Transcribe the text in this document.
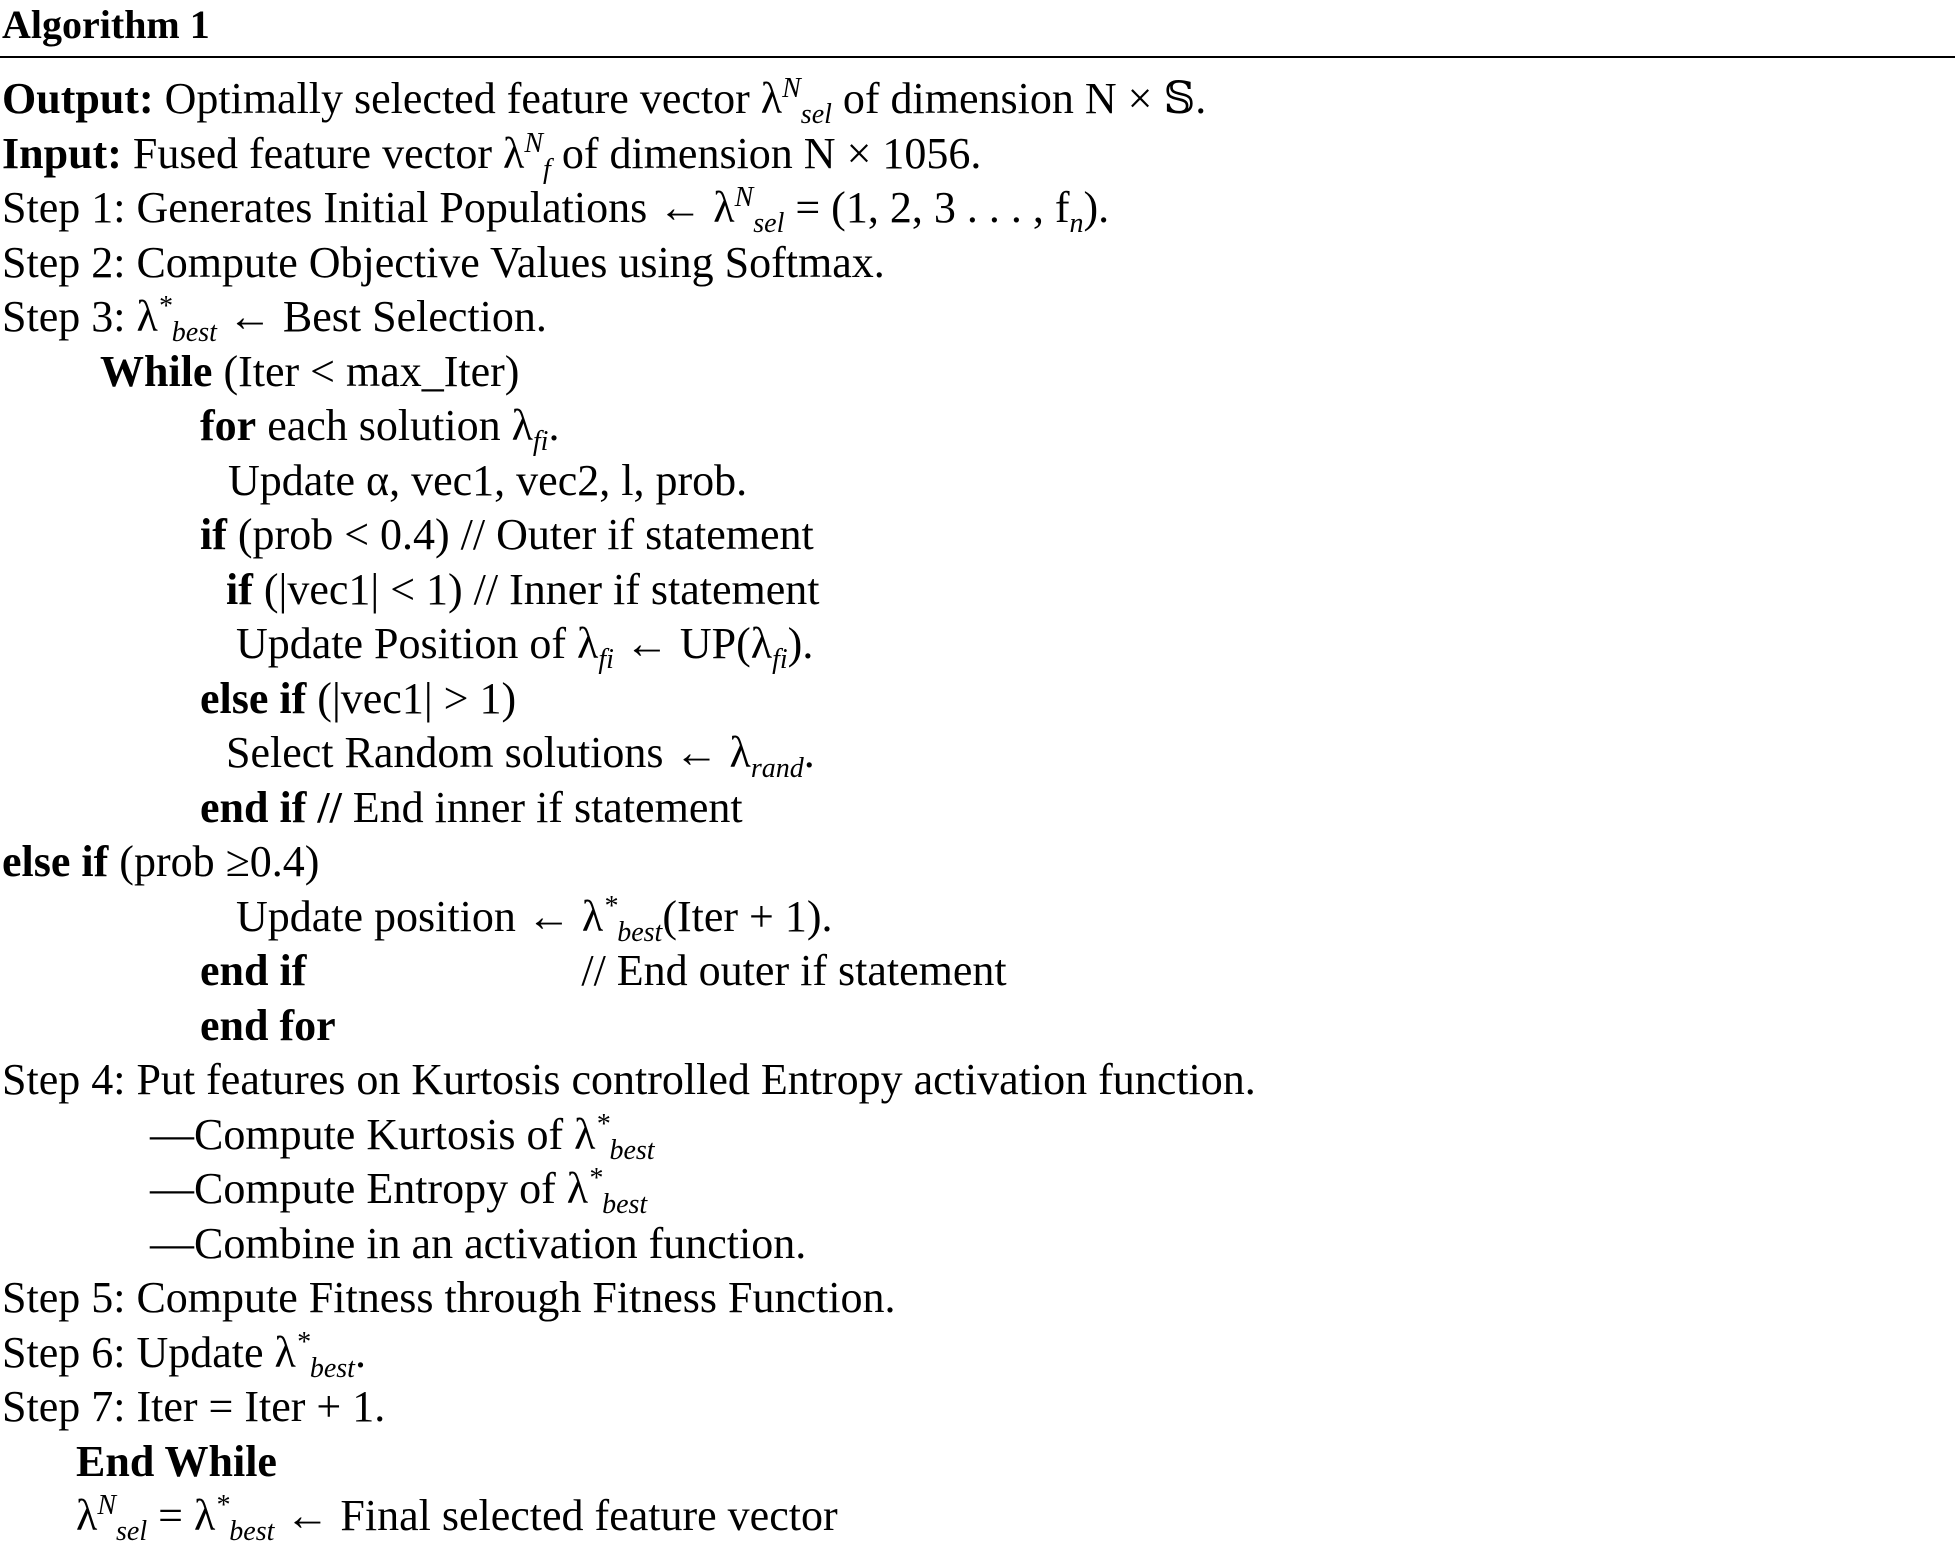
Algorithm 1
Output: Optimally selected feature vector $\lambda^N_{sel}$ of dimension N × 𝕊.
Input: Fused feature vector $\lambda^N_f$ of dimension N × 1056.
Step 1: Generates Initial Populations ← $\lambda^N_{sel} = (1$, 2, 3 . . . , $f_n$).
Step 2: Compute Objective Values using Softmax.
Step 3: $\lambda^*_{best}$ ← Best Selection.
While (Iter < max_Iter)
for each solution $\lambda_{fi}$.
Update α, vec1, vec2, l, prob.
if (prob < 0.4) // Outer if statement
if (|vec1| < 1) // Inner if statement
Update Position of $\lambda_{fi}$ ← $UP(\lambda_{fi})$.
else if (|vec1| > 1)
Select Random solutions ← $\lambda_{rand}$.
end if // End inner if statement
else if (prob ≥0.4)
Update position ← $\lambda^*_{best}(Iter + 1)$.
end if                         // End outer if statement
end for
Step 4: Put features on Kurtosis controlled Entropy activation function.
—Compute Kurtosis of $\lambda^*_{best}$
—Compute Entropy of $\lambda^*_{best}$
—Combine in an activation function.
Step 5: Compute Fitness through Fitness Function.
Step 6: Update $\lambda^*_{best}$.
Step 7: Iter = Iter + 1.
End While
$\lambda^N_{sel} = \lambda^*_{best}$ ← Final selected feature vector
